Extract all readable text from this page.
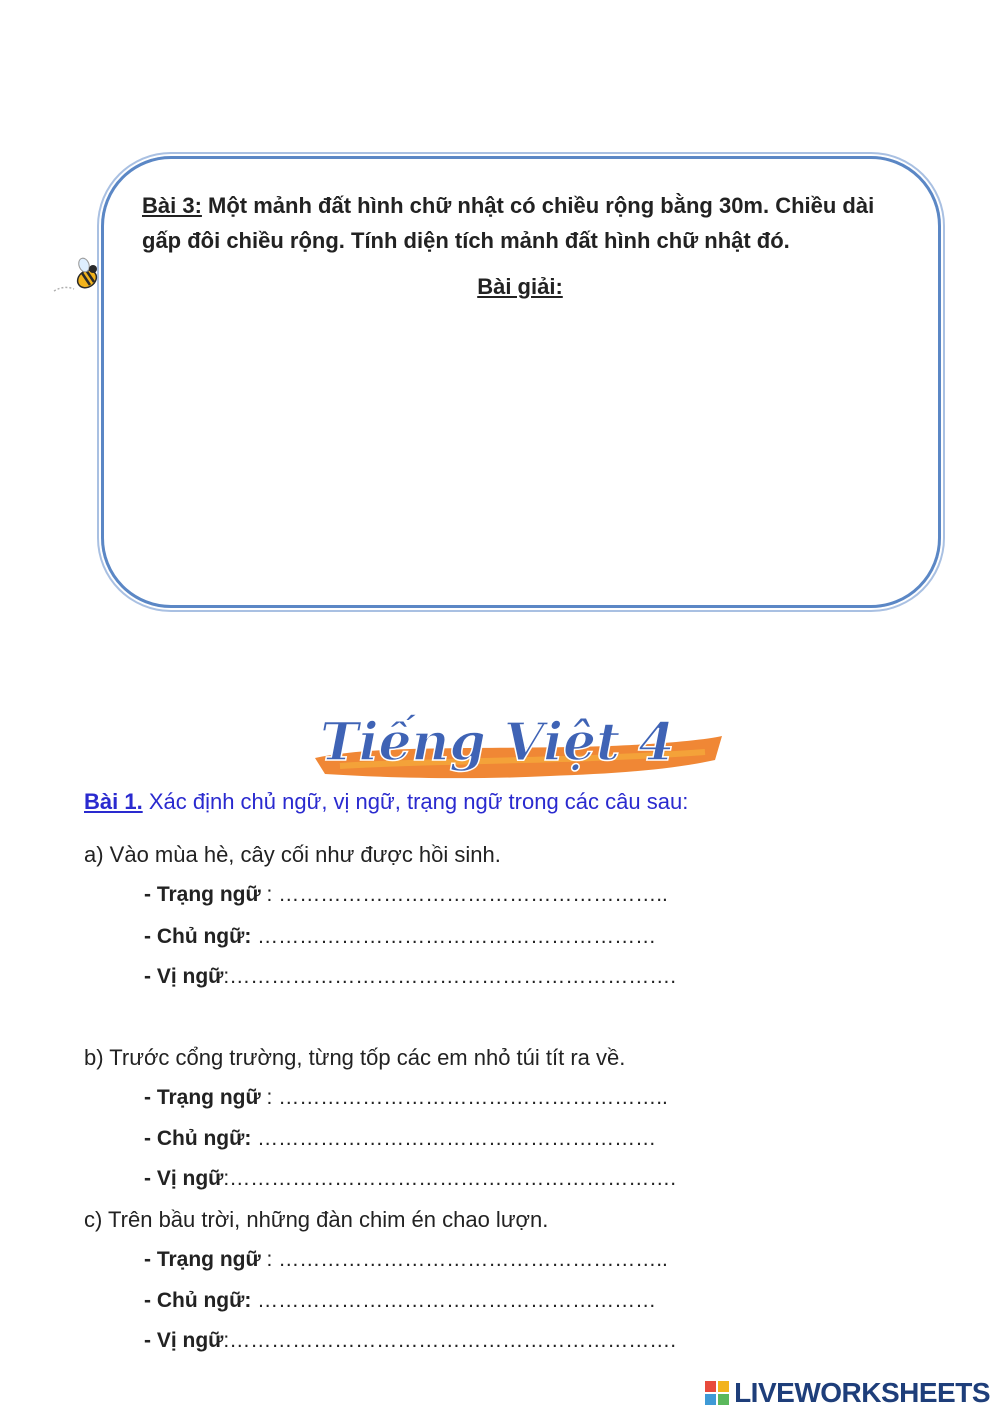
Bài 3: Một mảnh đất hình chữ nhật có chiều rộng bằng 30m. Chiều dài gấp đôi chiều rộng. Tính diện tích mảnh đất hình chữ nhật đó.
Bài giải:
Tiếng Việt 4
Bài 1. Xác định chủ ngữ, vị ngữ, trạng ngữ trong các câu sau:
a) Vào mùa hè, cây cối như được hồi sinh.
- Trạng ngữ : ………………………………………………..
- Chủ ngữ: …………………………………………………
- Vị ngữ:……………………………………………………….
b) Trước cổng trường, từng tốp các em nhỏ túi tít ra về.
- Trạng ngữ : ………………………………………………..
- Chủ ngữ: …………………………………………………
- Vị ngữ:……………………………………………………….
c) Trên bầu trời, những đàn chim én chao lượn.
- Trạng ngữ : ………………………………………………..
- Chủ ngữ: …………………………………………………
- Vị ngữ:……………………………………………………….
LIVEWORKSHEETS
